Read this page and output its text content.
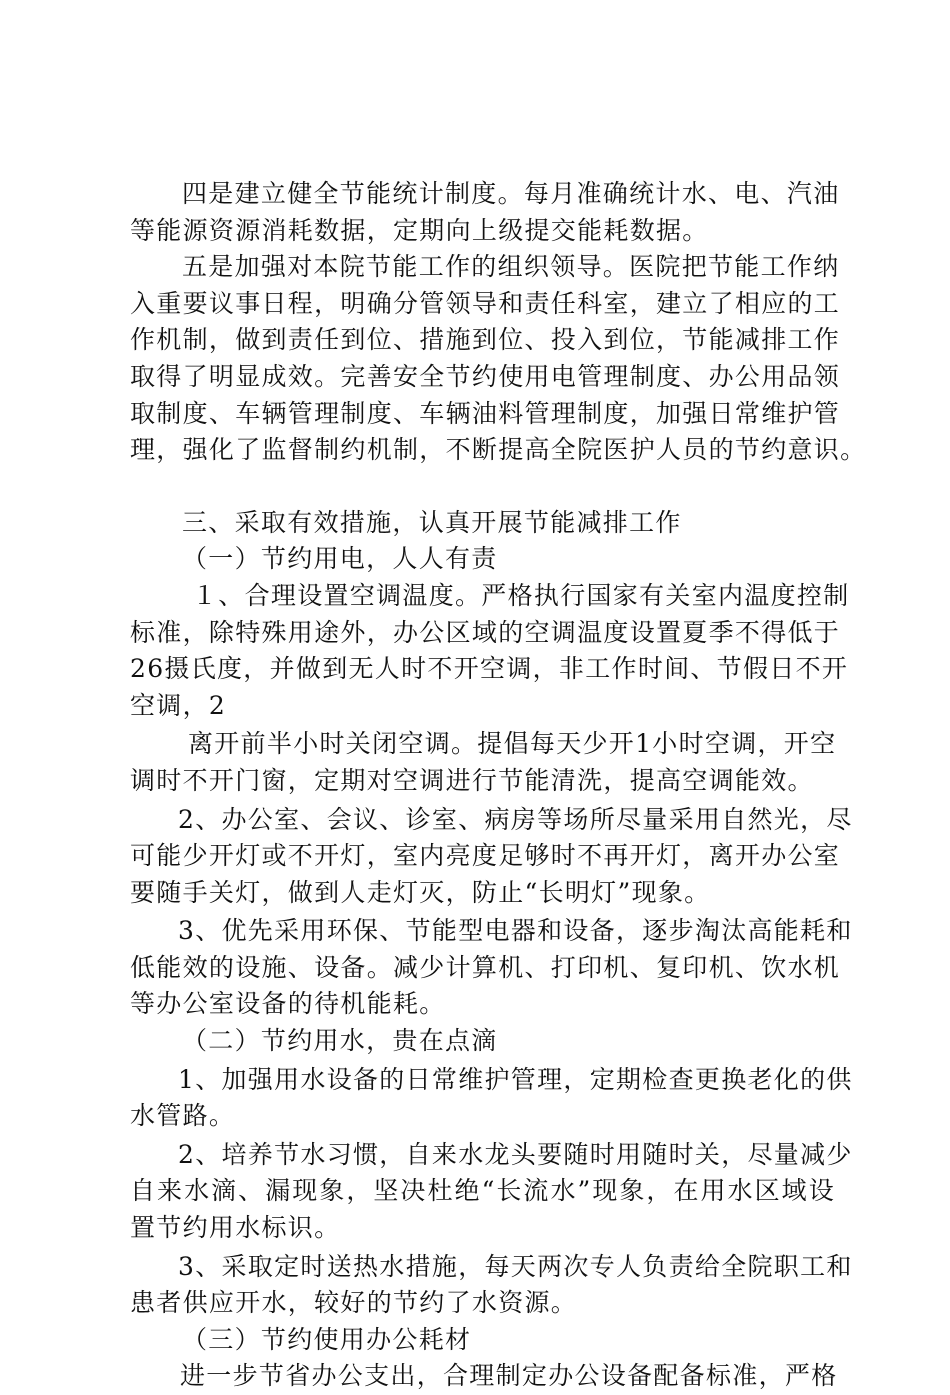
四是建立健全节能统计制度。每月准确统计水、电、汽油
等能源资源消耗数据，定期向上级提交能耗数据。
五是加强对本院节能工作的组织领导。医院把节能工作纳
入重要议事日程，明确分管领导和责任科室，建立了相应的工
作机制，做到责任到位、措施到位、投入到位，节能减排工作
取得了明显成效。完善安全节约使用电管理制度、办公用品领
取制度、车辆管理制度、车辆油料管理制度，加强日常维护管
理，强化了监督制约机制，不断提高全院医护人员的节约意识。
三、采取有效措施，认真开展节能减排工作
（一）节约用电，人人有责
１、合理设置空调温度。严格执行国家有关室内温度控制
标准，除特殊用途外，办公区域的空调温度设置夏季不得低于
26摄氏度，并做到无人时不开空调，非工作时间、节假日不开
空调，2
离开前半小时关闭空调。提倡每天少开1小时空调，开空
调时不开门窗，定期对空调进行节能清洗，提高空调能效。
2、办公室、会议、诊室、病房等场所尽量采用自然光，尽
可能少开灯或不开灯，室内亮度足够时不再开灯，离开办公室
要随手关灯，做到人走灯灭，防止“长明灯”现象。
3、优先采用环保、节能型电器和设备，逐步淘汰高能耗和
低能效的设施、设备。减少计算机、打印机、复印机、饮水机
等办公室设备的待机能耗。
（二）节约用水，贵在点滴
1、加强用水设备的日常维护管理，定期检查更换老化的供
水管路。
2、培养节水习惯，自来水龙头要随时用随时关，尽量减少
自来水滴、漏现象，坚决杜绝“长流水”现象，在用水区域设
置节约用水标识。
3、采取定时送热水措施，每天两次专人负责给全院职工和
患者供应开水，较好的节约了水资源。
（三）节约使用办公耗材
进一步节省办公支出，合理制定办公设备配备标准，严格
